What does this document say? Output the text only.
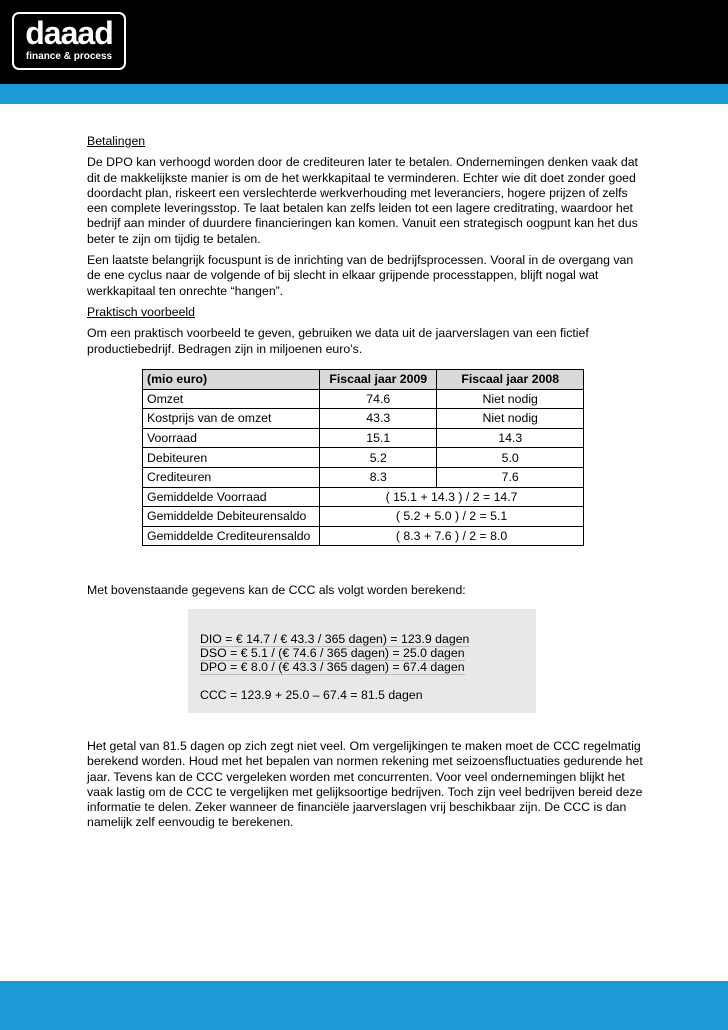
daaad
finance & process
Betalingen

De DPO kan verhoogd worden door de crediteuren later te betalen. Ondernemingen denken vaak dat dit de makkelijkste manier is om de het werkkapitaal te verminderen. Echter wie dit doet zonder goed doordacht plan, riskeert een verslechterde werkverhouding met leveranciers, hogere prijzen of zelfs een complete leveringsstop. Te laat betalen kan zelfs leiden tot een lagere creditrating, waardoor het bedrijf aan minder of duurdere financieringen kan komen. Vanuit een strategisch oogpunt kan het dus beter te zijn om tijdig te betalen.

Een laatste belangrijk focuspunt is de inrichting van de bedrijfsprocessen. Vooral in de overgang van de ene cyclus naar de volgende of bij slecht in elkaar grijpende processtappen, blijft nogal wat werkkapitaal ten onrechte “hangen”.

Praktisch voorbeeld

Om een praktisch voorbeeld te geven, gebruiken we data uit de jaarverslagen van een fictief productiebedrijf. Bedragen zijn in miljoenen euro’s.

(mio euro)	Fiscaal jaar 2009	Fiscaal jaar 2008
Omzet	74.6	Niet nodig
Kostprijs van de omzet	43.3	Niet nodig
Voorraad	15.1	14.3
Debiteuren	5.2	5.0
Crediteuren	8.3	7.6
Gemiddelde Voorraad	( 15.1 + 14.3 ) / 2 = 14.7	
Gemiddelde Debiteurensaldo	( 5.2 + 5.0 ) / 2 = 5.1	
Gemiddelde Crediteurensaldo	( 8.3 + 7.6 ) / 2 = 8.0	
Met bovenstaande gegevens kan de CCC als volgt worden berekend:
DIO = € 14.7 / € 43.3 / 365 dagen) = 123.9 dagen
DSO = € 5.1 / (€ 74.6 / 365 dagen) = 25.0 dagen
DPO = € 8.0 / (€ 43.3 / 365 dagen) = 67.4 dagen
CCC = 123.9 + 25.0 – 67.4 = 81.5 dagen
Het getal van 81.5 dagen op zich zegt niet veel. Om vergelijkingen te maken moet de CCC regelmatig berekend worden. Houd met het bepalen van normen rekening met seizoensfluctuaties gedurende het jaar. Tevens kan de CCC vergeleken worden met concurrenten. Voor veel ondernemingen blijkt het vaak lastig om de CCC te vergelijken met gelijksoortige bedrijven. Toch zijn veel bedrijven bereid deze informatie te delen. Zeker wanneer de financiële jaarverslagen vrij beschikbaar zijn. De CCC is dan namelijk zelf eenvoudig te berekenen.
